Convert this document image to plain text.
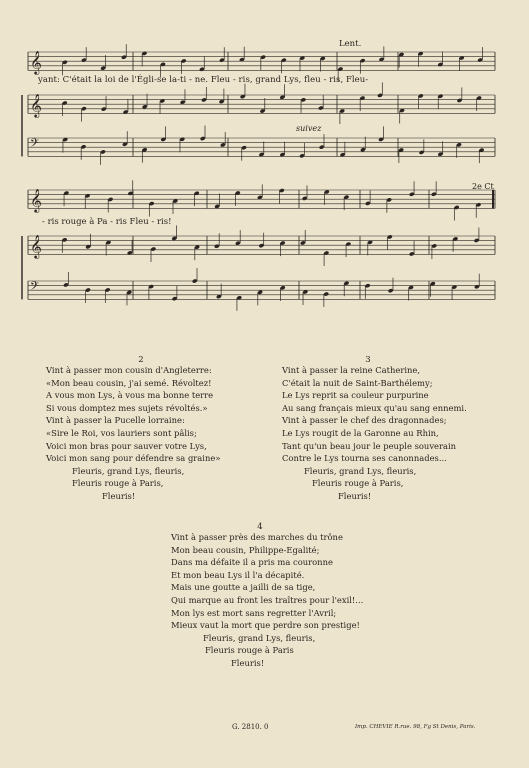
𝄞
𝄞
𝄢
𝄞
𝄞
𝄢
Lent.
suivez
2e Ct
yant: C'était la loi de l'Égli-se la-ti - ne. Fleu - ris, grand Lys, fleu - ris, Fleu-
- ris rouge à Pa - ris Fleu - ris!
2
Vint à passer mon cousin d'Angleterre:
«Mon beau cousin, j'ai semé. Révoltez!
A vous mon Lys, à vous ma bonne terre
Si vous domptez mes sujets révoltés.»
Vint à passer la Pucelle lorraine:
«Sire le Roi, vos lauriers sont pâlis;
Voici mon bras pour sauver votre Lys,
Voici mon sang pour défendre sa graine»
Fleuris, grand Lys, fleuris,
Fleuris rouge à Paris,
Fleuris!
3
Vint à passer la reine Catherine,
C'était la nuit de Saint-Barthélemy;
Le Lys reprit sa couleur purpurine
Au sang français mieux qu'au sang ennemi.
Vint à passer le chef des dragonnades;
Le Lys rougit de la Garonne au Rhin,
Tant qu'un beau jour le peuple souverain
Contre le Lys tourna ses canonnades...
Fleuris, grand Lys, fleuris,
Fleuris rouge à Paris,
Fleuris!
4
Vint à passer près des marches du trône
Mon beau cousin, Philippe-Egalité;
Dans ma défaite il a pris ma couronne
Et mon beau Lys il l'a décapité.
Mais une goutte a jailli de sa tige,
Qui marque au front les traîtres pour l'exil!...
Mon lys est mort sans regretter l'Avril;
Mieux vaut la mort que perdre son prestige!
Fleuris, grand Lys, fleuris,
Fleuris rouge à Paris
Fleuris!
G. 2810. 0	Imp. CHEVIE R.rue. 98, Fg St Denis, Paris.
